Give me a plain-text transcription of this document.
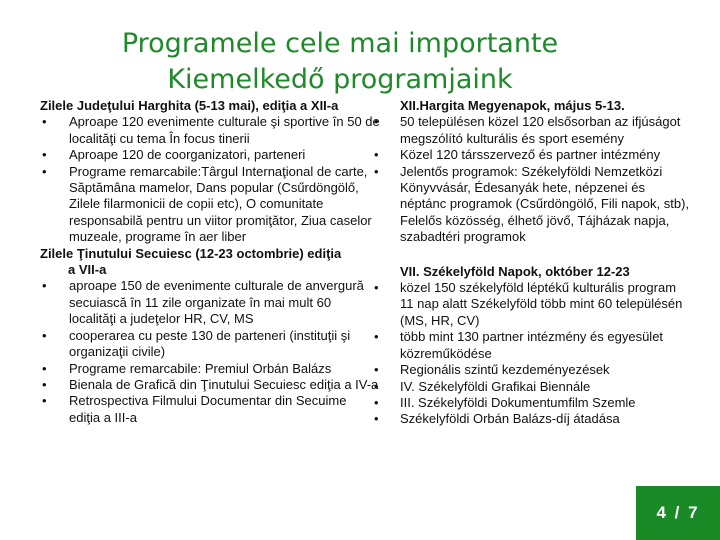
Programele cele mai importante
Kiemelkedő programjaink
Zilele Judeţului Harghita (5-13 mai), ediţia a XII-a
• Aproape 120 evenimente culturale şi sportive în 50 de localităţi cu tema În focus tinerii
• Aproape 120 de coorganizatori, parteneri
• Programe remarcabile:Târgul Internaţional de carte, Săptămâna mamelor, Dans popular (Csűrdöngölő, Zilele filarmonicii de copii etc), O comunitate responsabilă pentru un viitor promiţător, Ziua caselor muzeale, programe în aer liber
Zilele Ţinutului Secuiesc (12-23 octombrie) ediţia
a VII-a
• aproape 150 de evenimente culturale de anvergură secuiască în 11 zile organizate în mai mult 60 localităţi a judeţelor HR, CV, MS
• cooperarea cu peste 130 de parteneri (instituţii şi organizaţii civile)
• Programe remarcabile: Premiul Orbán Balázs
• Bienala de Grafică din Ţinutului Secuiesc ediţia a IV-a
• Retrospectiva Filmului Documentar din Secuime ediţia a III-a
XII.Hargita Megyenapok, május 5-13.
• 50 településen közel 120 elsősorban az ifjúságot megszólító kulturális és sport esemény
• Közel 120 társszervező és partner intézmény
• Jelentős programok: Székelyföldi Nemzetközi Könyvvásár, Édesanyák hete, népzenei és néptánc programok (Csűrdöngölő, Fili napok, stb), Felelős közösség, élhető jövő, Tájházak napja, szabadtéri programok
VII. Székelyföld Napok, október 12-23
• közel 150 székelyföld léptékű kulturális program 11 nap alatt Székelyföld több mint 60 településén (MS, HR, CV)
• több mint 130 partner intézmény és egyesület közreműködése
• Regionális szintű kezdeményezések
• IV. Székelyföldi Grafikai Biennále
• III. Székelyföldi Dokumentumfilm Szemle
• Székelyföldi Orbán Balázs-díj átadása
4 / 7
